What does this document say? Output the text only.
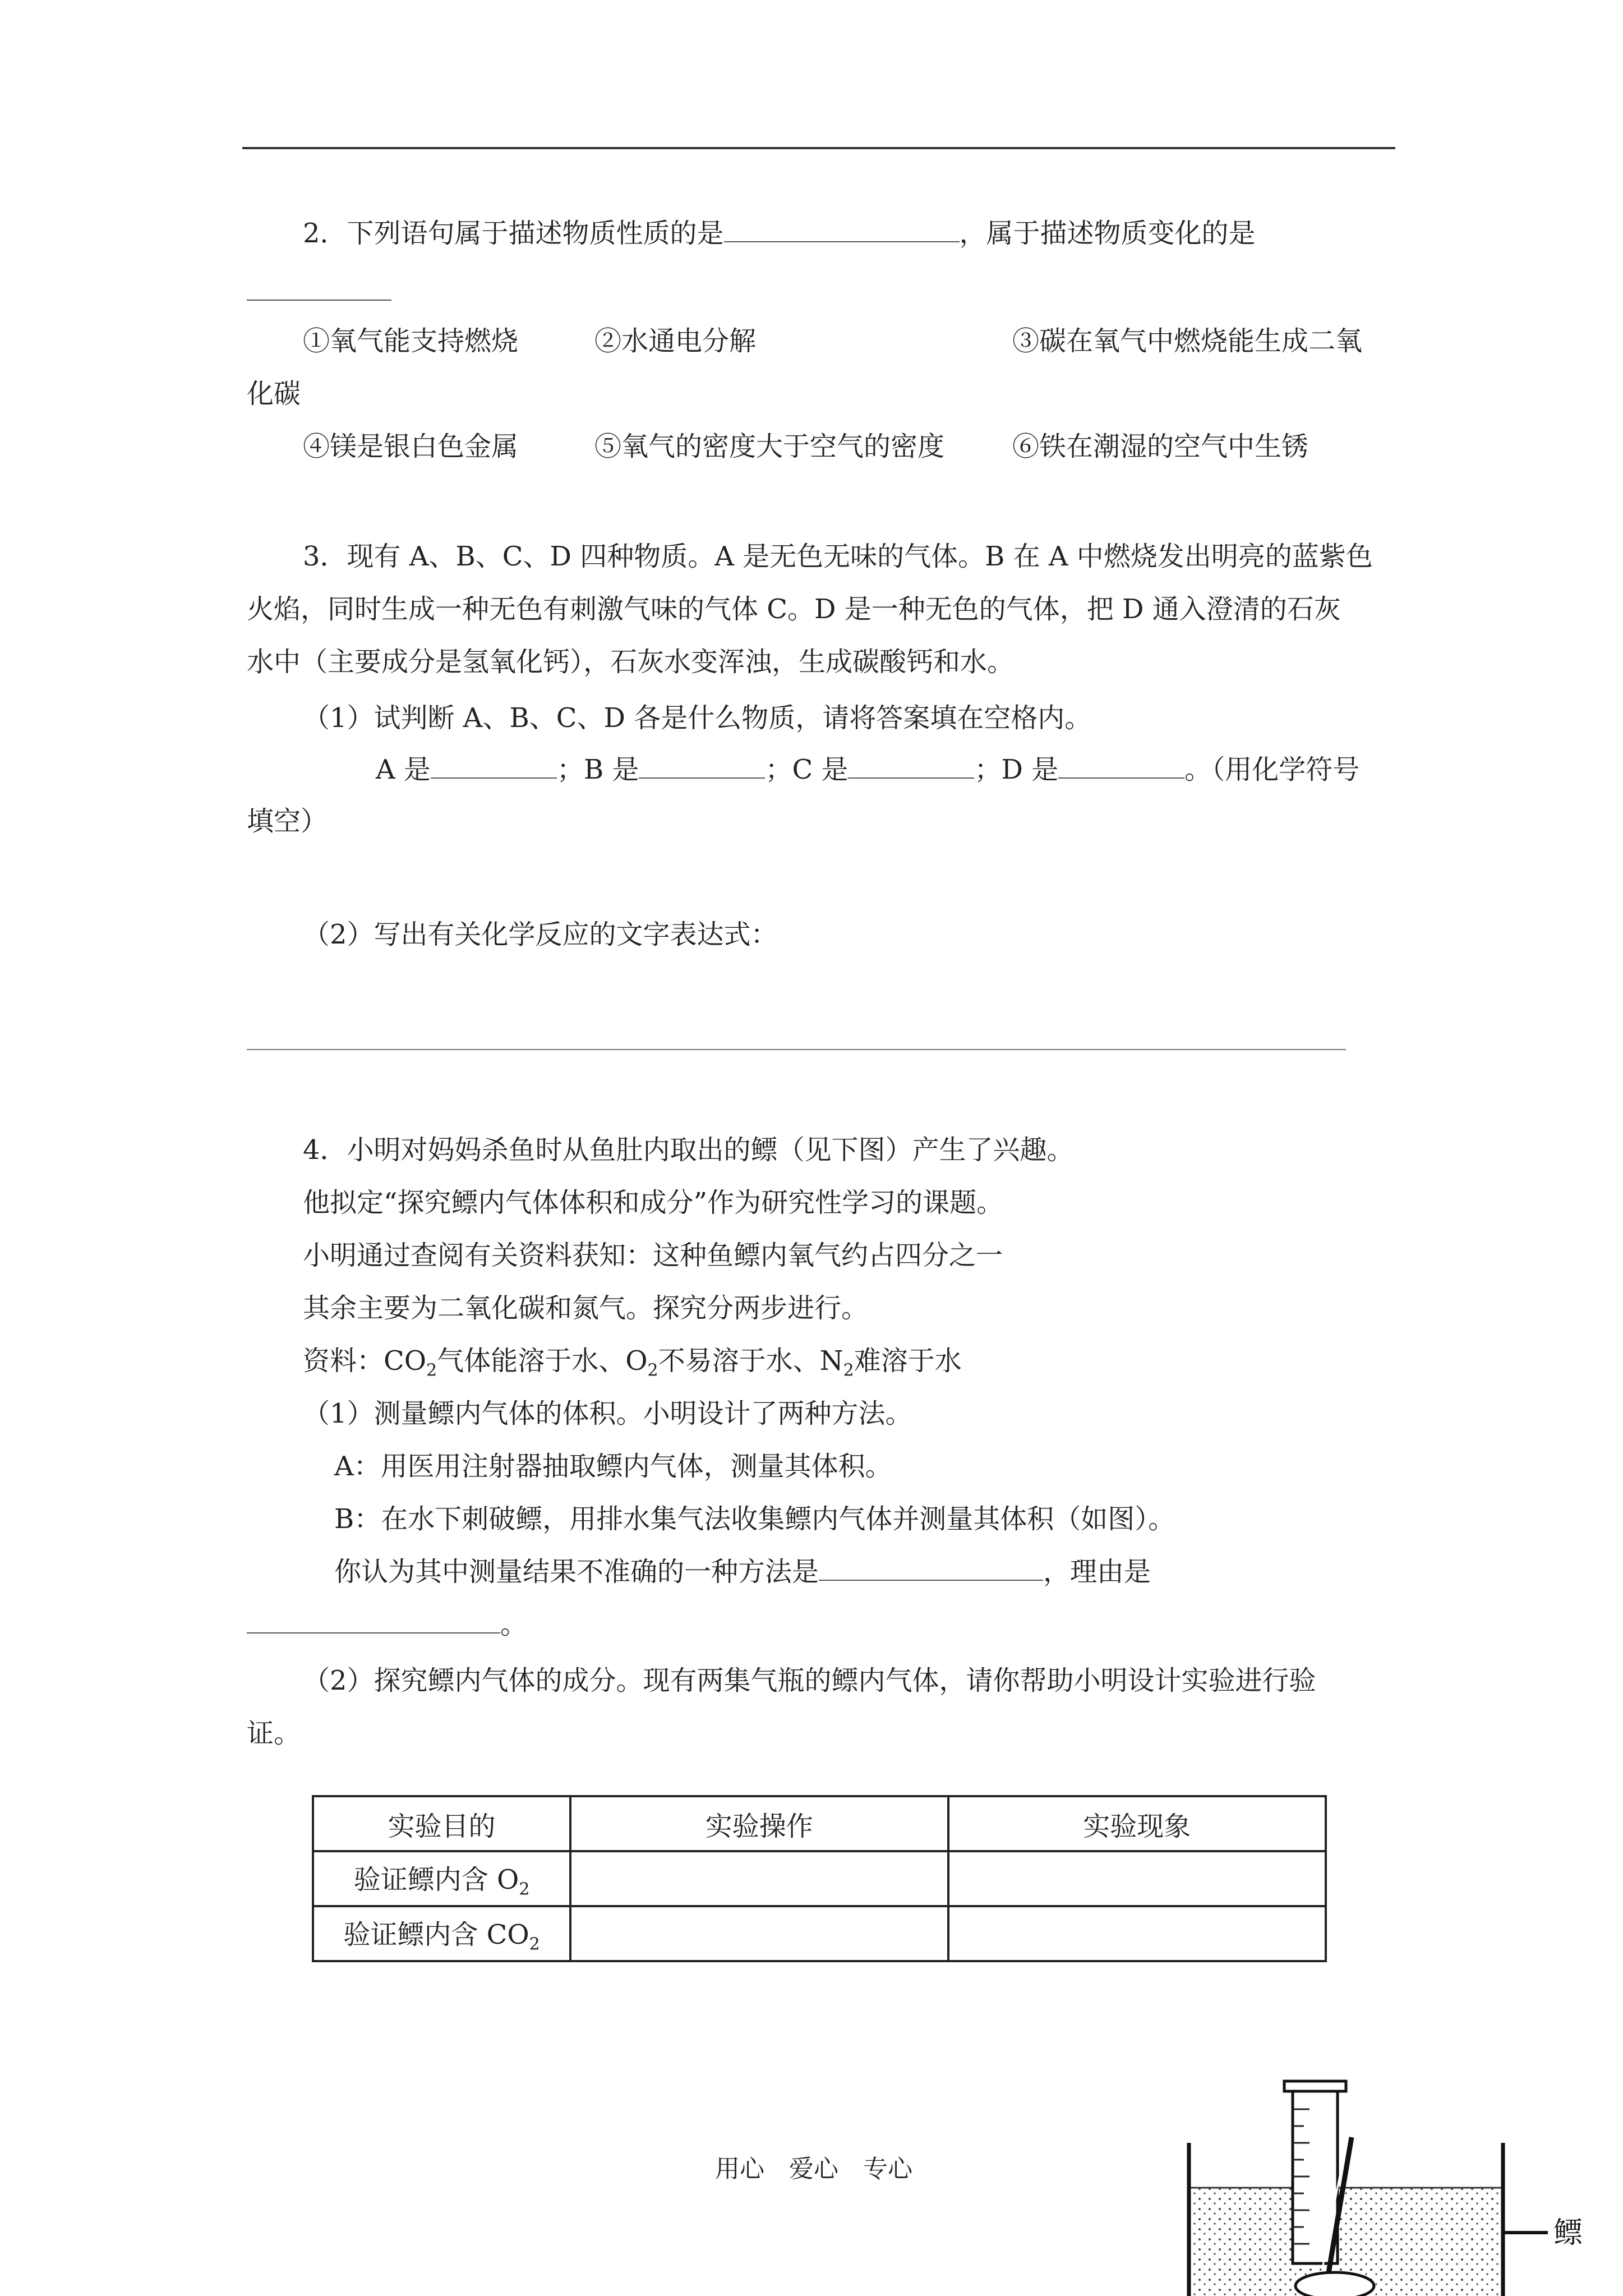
2．下列语句属于描述物质性质的是	，属于描述物质变化的是
①氧气能支持燃烧	②水通电分解	③碳在氧气中燃烧能生成二氧
化碳
④镁是银白色金属	⑤氧气的密度大于空气的密度	⑥铁在潮湿的空气中生锈
3．现有 A、B、C、D 四种物质。A 是无色无味的气体。B 在 A 中燃烧发出明亮的蓝紫色
火焰，同时生成一种无色有刺激气味的气体 C。D 是一种无色的气体，把 D 通入澄清的石灰
水中（主要成分是氢氧化钙），石灰水变浑浊，生成碳酸钙和水。
（1）试判断 A、B、C、D 各是什么物质，请将答案填在空格内。
A 是	；B 是	；C 是	；D 是	。（用化学符号
填空）
（2）写出有关化学反应的文字表达式：
4．小明对妈妈杀鱼时从鱼肚内取出的鳔（见下图）产生了兴趣。
他拟定“探究鳔内气体体积和成分”作为研究性学习的课题。
小明通过查阅有关资料获知：这种鱼鳔内氧气约占四分之一
其余主要为二氧化碳和氮气。探究分两步进行。
资料：$CO_2$气体能溶于水、$O_2$不易溶于水、$N_2$难溶于水
（1）测量鳔内气体的体积。小明设计了两种方法。
A：用医用注射器抽取鳔内气体，测量其体积。
B：在水下刺破鳔，用排水集气法收集鳔内气体并测量其体积（如图）。
你认为其中测量结果不准确的一种方法是	，理由是
。
（2）探究鳔内气体的成分。现有两集气瓶的鳔内气体，请你帮助小明设计实验进行验
证。
实验目的	实验操作	实验现象
验证鳔内含 $O_2$		
验证鳔内含 $CO_2$		
用心　爱心　专心
鳔
